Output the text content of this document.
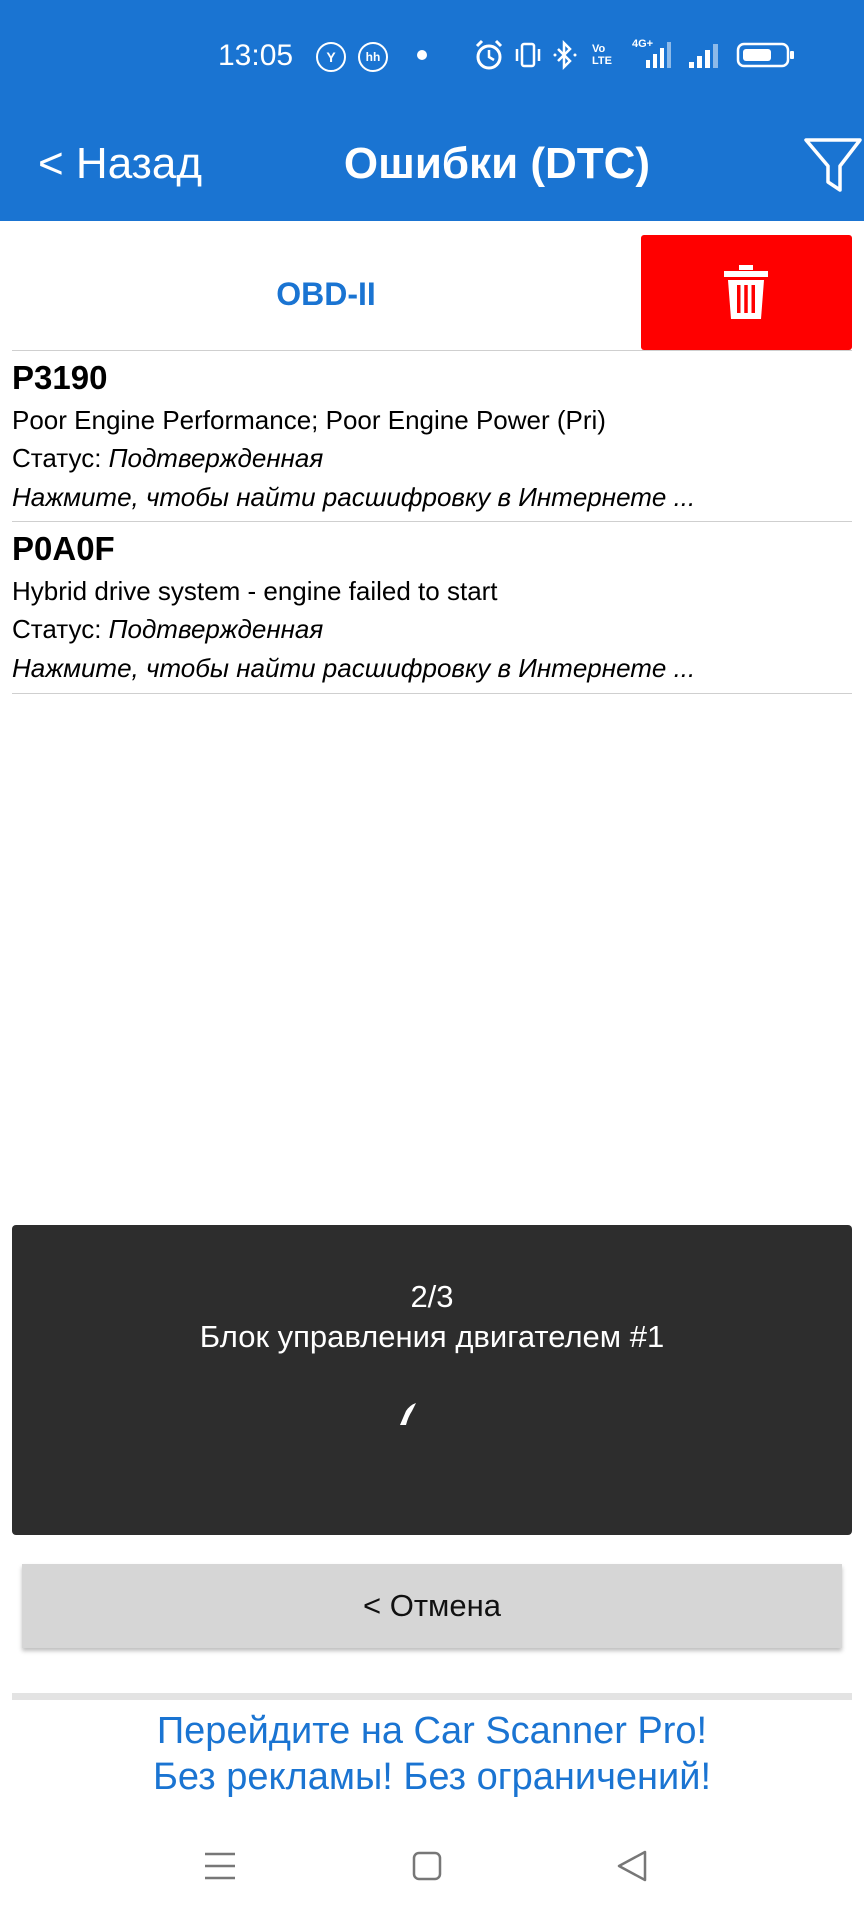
13:05	Y	hh
Vo LTE
4G+
< Назад	Ошибки (DTC)
OBD-II
P3190
Poor Engine Performance; Poor Engine Power (Pri)
Статус: Подтвержденная
Нажмите, чтобы найти расшифровку в Интернете ...
P0A0F
Hybrid drive system - engine failed to start
Статус: Подтвержденная
Нажмите, чтобы найти расшифровку в Интернете ...
2/3
Блок управления двигателем #1
< Отмена
Перейдите на Car Scanner Pro!
Без рекламы! Без ограничений!
